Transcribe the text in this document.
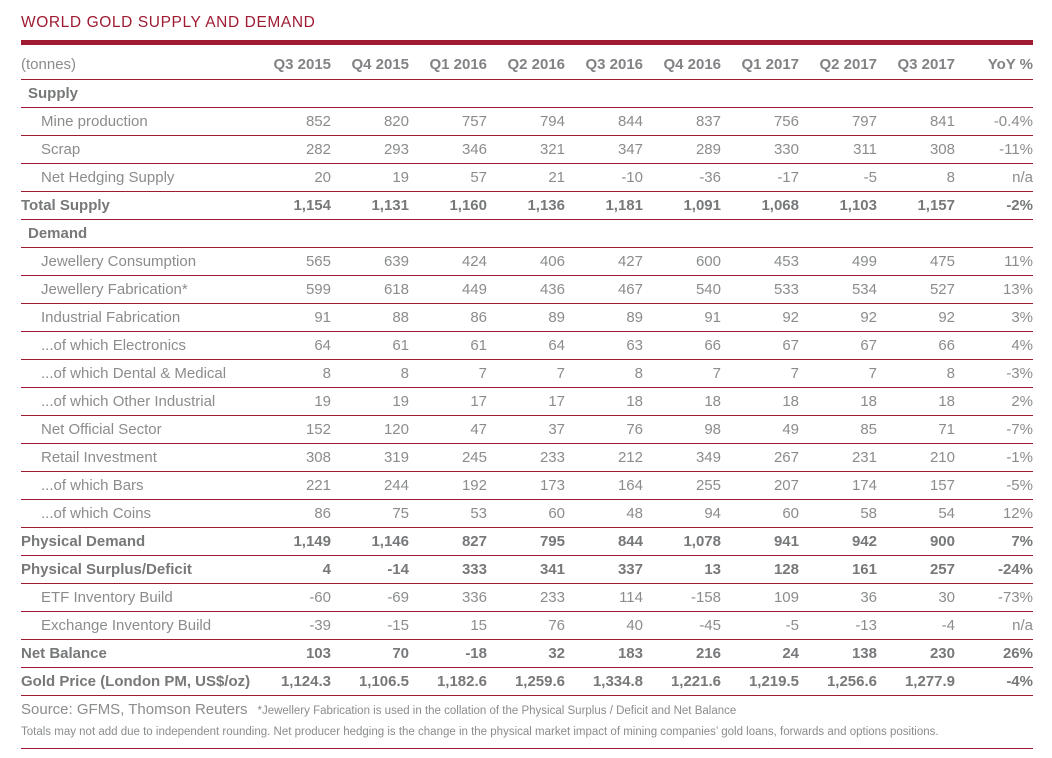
WORLD GOLD SUPPLY AND DEMAND
(tonnes)	Q3 2015	Q4 2015	Q1 2016	Q2 2016	Q3 2016	Q4 2016	Q1 2017	Q2 2017	Q3 2017	YoY %
Supply
Mine production	852	820	757	794	844	837	756	797	841	-0.4%
Scrap	282	293	346	321	347	289	330	311	308	-11%
Net Hedging Supply	20	19	57	21	-10	-36	-17	-5	8	n/a
Total Supply	1,154	1,131	1,160	1,136	1,181	1,091	1,068	1,103	1,157	-2%
Demand
Jewellery Consumption	565	639	424	406	427	600	453	499	475	11%
Jewellery Fabrication*	599	618	449	436	467	540	533	534	527	13%
Industrial Fabrication	91	88	86	89	89	91	92	92	92	3%
...of which Electronics	64	61	61	64	63	66	67	67	66	4%
...of which Dental & Medical	8	8	7	7	8	7	7	7	8	-3%
...of which Other Industrial	19	19	17	17	18	18	18	18	18	2%
Net Official Sector	152	120	47	37	76	98	49	85	71	-7%
Retail Investment	308	319	245	233	212	349	267	231	210	-1%
...of which Bars	221	244	192	173	164	255	207	174	157	-5%
...of which Coins	86	75	53	60	48	94	60	58	54	12%
Physical Demand	1,149	1,146	827	795	844	1,078	941	942	900	7%
Physical Surplus/Deficit	4	-14	333	341	337	13	128	161	257	-24%
ETF Inventory Build	-60	-69	336	233	114	-158	109	36	30	-73%
Exchange Inventory Build	-39	-15	15	76	40	-45	-5	-13	-4	n/a
Net Balance	103	70	-18	32	183	216	24	138	230	26%
Gold Price (London PM, US$/oz)	1,124.3	1,106.5	1,182.6	1,259.6	1,334.8	1,221.6	1,219.5	1,256.6	1,277.9	-4%
Source: GFMS, Thomson Reuters *Jewellery Fabrication is used in the collation of the Physical Surplus / Deficit and Net Balance
Totals may not add due to independent rounding. Net producer hedging is the change in the physical market impact of mining companies’ gold loans, forwards and options positions.
